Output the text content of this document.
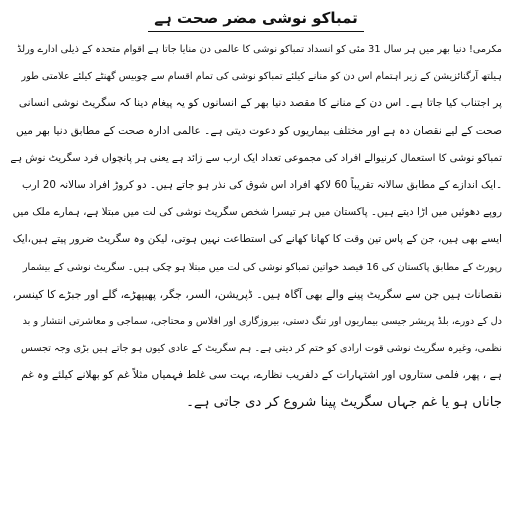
تمباکو نوشی مضر صحت ہے
مکرمی! دنیا بھر میں ہر سال 31 مئی کو انسداد تمباکو نوشی کا عالمی دن منایا جاتا ہے اقوام متحدہ کے ذیلی ادارے ورلڈ
ہیلتھ آرگنائزیشن کے زیر اہتمام اس دن کو منانے کیلئے تمباکو نوشی کی تمام اقسام سے چوبیس گھنٹے کیلئے علامتی طور
پر اجتناب کیا جاتا ہے۔ اس دن کے منانے کا مقصد دنیا بھر کے انسانوں کو یہ پیغام دینا کہ سگریٹ نوشی انسانی
صحت کے لیے نقصان دہ ہے اور مختلف بیماریوں کو دعوت دیتی ہے۔ عالمی ادارہ صحت کے مطابق دنیا بھر میں
تمباکو نوشی کا استعمال کرنیوالے افراد کی مجموعی تعداد ایک ارب سے زائد ہے یعنی ہر پانچواں فرد سگریٹ نوش ہے
۔ایک اندازے کے مطابق سالانہ تقریباً 60 لاکھ افراد اس شوق کی نذر ہو جاتے ہیں۔ دو کروڑ افراد سالانہ 20 ارب
روپے دھوئیں میں اڑا دیتے ہیں۔ پاکستان میں ہر تیسرا شخص سگریٹ نوشی کی لت میں مبتلا ہے، ہمارے ملک میں
ایسے بھی ہیں، جن کے پاس تین وقت کا کھانا کھانے کی استطاعت نہیں ہوتی، لیکن وہ سگریٹ ضرور پیتے ہیں،ایک
رپورٹ کے مطابق پاکستان کی 16 فیصد خواتین تمباکو نوشی کی لت میں مبتلا ہو چکی ہیں۔ سگریٹ نوشی کے بیشمار
نقصانات ہیں جن سے سگریٹ پینے والے بھی آگاہ ہیں۔ ڈپریشن، السر، جگر، پھیپھڑے، گلے اور جبڑے کا کینسر،
دل کے دورے، بلڈ پریشر جیسی بیماریوں اور تنگ دستی، بیروزگاری اور افلاس و محتاجی، سماجی و معاشرتی انتشار و بد
نظمی، وغیرہ سگریٹ نوشی قوت ارادی کو ختم کر دیتی ہے۔ ہم سگریٹ کے عادی کیوں ہو جاتے ہیں بڑی وجہ تجسس
ہے ، پھر، فلمی ستاروں اور اشتہارات کے دلفریب نظارے، بہت سی غلط فہمیاں مثلاً غم کو بھلانے کیلئے وہ غم
جاناں ہو یا غم جہاں سگریٹ پینا شروع کر دی جاتی ہے۔
